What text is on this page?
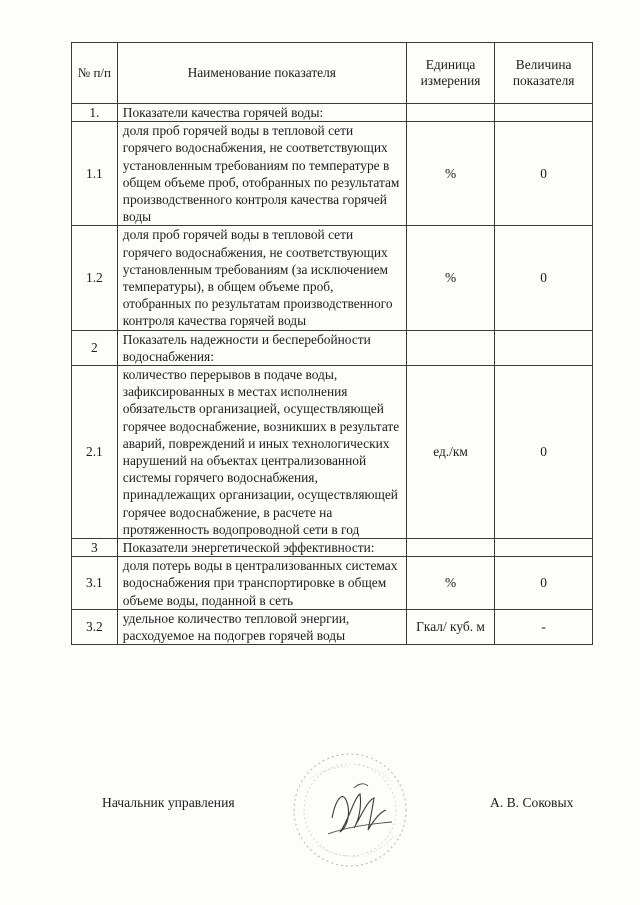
№ п/п	Наименование показателя	Единица измерения	Величина показателя
1.	Показатели качества горячей воды:		

1.1	доля проб горячей воды в тепловой сети горячего водоснабжения, не соответствующих установленным требованиям по температуре в общем объеме проб, отобранных по результатам производственного контроля качества горячей воды	%	0
1.2	доля проб горячей воды в тепловой сети горячего водоснабжения, не соответствующих установленным требованиям (за исключением температуры), в общем объеме проб, отобранных по результатам производственного контроля качества горячей воды	%	0
2	Показатель надежности и бесперебойности водоснабжения:		

2.1	количество перерывов в подаче воды, зафиксированных в местах исполнения обязательств организацией, осуществляющей горячее водоснабжение, возникших в результате аварий, повреждений и иных технологических нарушений на объектах централизованной системы горячего водоснабжения, принадлежащих организации, осуществляющей горячее водоснабжение, в расчете на протяженность водопроводной сети в год	ед./км	0
3	Показатели энергетической эффективности:		

3.1	доля потерь воды в централизованных системах водоснабжения при транспортировке в общем объеме воды, поданной в сеть	%	0
3.2	удельное количество тепловой энергии, расходуемое на подогрев горячей воды	Гкал/ куб. м	-
Начальник управления	А. В. Соковых
